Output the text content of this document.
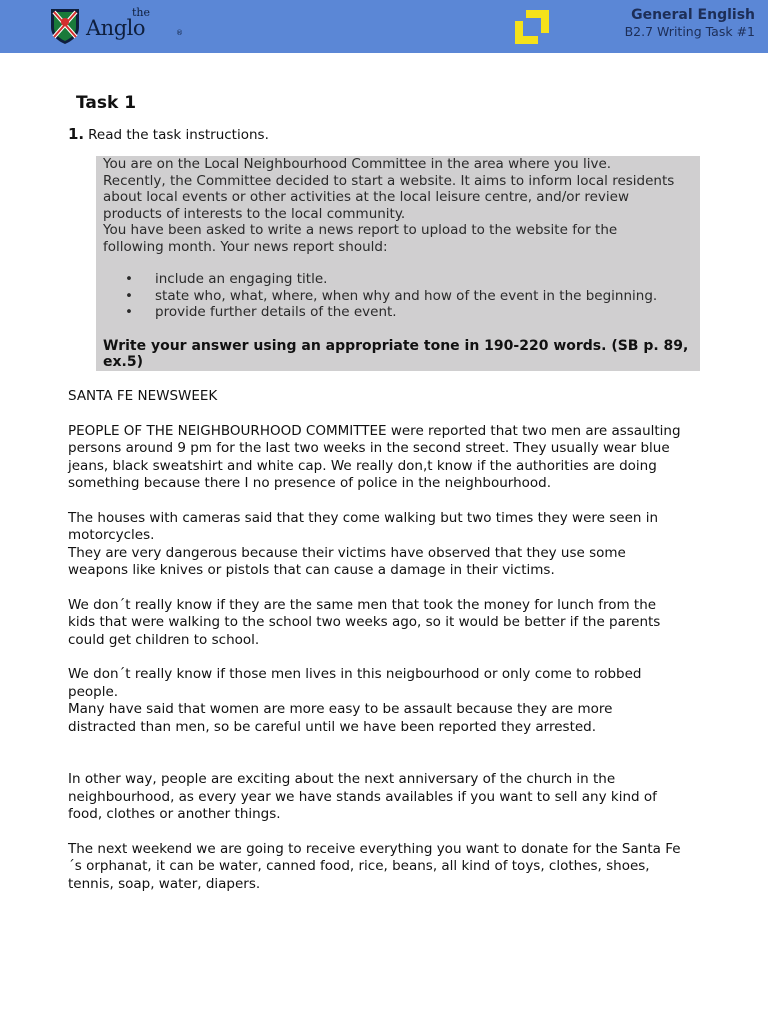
the
Anglo	®
General English
B2.7 Writing Task #1
Task 1
1. Read the task instructions.

You are on the Local Neighbourhood Committee in the area where you live.

Recently, the Committee decided to start a website. It aims to inform local residents

about local events or other activities at the local leisure centre, and/or review

products of interests to the local community.

You have been asked to write a news report to upload to the website for the

following month. Your news report should:

• include an engaging title.
• state who, what, where, when why and how of the event in the beginning.
• provide further details of the event.

Write your answer using an appropriate tone in 190-220 words. (SB p. 89,

ex.5)

SANTA FE NEWSWEEK

PEOPLE OF THE NEIGHBOURHOOD COMMITTEE were reported that two men are assaulting

persons around 9 pm for the last two weeks in the second street. They usually wear blue

jeans, black sweatshirt and white cap. We really don,t know if the authorities are doing

something because there I no presence of police in the neighbourhood.

The houses with cameras said that they come walking but two times they were seen in

motorcycles.

They are very dangerous because their victims have observed that they use some

weapons like knives or pistols that can cause a damage in their victims.

We don´t really know if they are the same men that took the money for lunch from the

kids that were walking to the school two weeks ago, so it would be better if the parents

could get children to school.

We don´t really know if those men lives in this neigbourhood or only come to robbed

people.

Many have said that women are more easy to be assault because they are more

distracted than men, so be careful until we have been reported they arrested.

In other way, people are exciting about the next anniversary of the church in the

neighbourhood, as every year we have stands availables if you want to sell any kind of

food, clothes or another things.

The next weekend we are going to receive everything you want to donate for the Santa Fe

´s orphanat, it can be water, canned food, rice, beans, all kind of toys, clothes, shoes,

tennis, soap, water, diapers.
